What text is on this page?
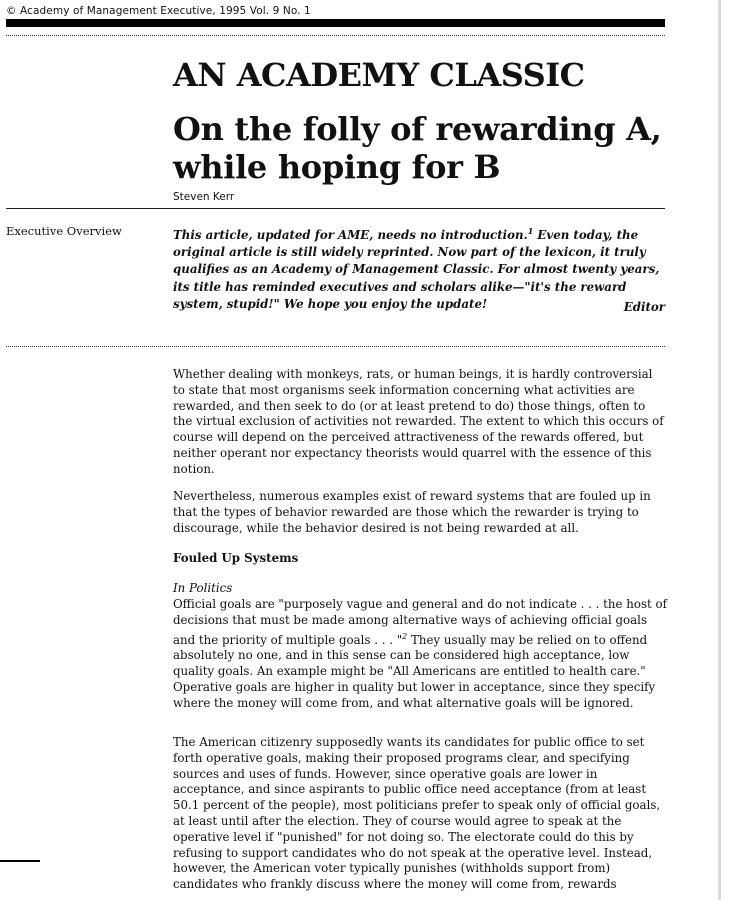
© Academy of Management Executive, 1995 Vol. 9 No. 1
AN ACADEMY CLASSIC
On the folly of rewarding A,
while hoping for B
Steven Kerr
Executive Overview	This article, updated for AME, needs no introduction.$^1$ Even today, the original article is still widely reprinted. Now part of the lexicon, it truly qualifies as an Academy of Management Classic. For almost twenty years, its title has reminded executives and scholars alike—"it's the reward system, stupid!" We hope you enjoy the update!	Editor
Whether dealing with monkeys, rats, or human beings, it is hardly controversial to state that most organisms seek information concerning what activities are rewarded, and then seek to do (or at least pretend to do) those things, often to the virtual exclusion of activities not rewarded. The extent to which this occurs of course will depend on the perceived attractiveness of the rewards offered, but neither operant nor expectancy theorists would quarrel with the essence of this notion.
Nevertheless, numerous examples exist of reward systems that are fouled up in that the types of behavior rewarded are those which the rewarder is trying to discourage, while the behavior desired is not being rewarded at all.
Fouled Up Systems
In Politics
Official goals are "purposely vague and general and do not indicate . . . the host of decisions that must be made among alternative ways of achieving official goals and the priority of multiple goals . . . "$^2$ They usually may be relied on to offend absolutely no one, and in this sense can be considered high acceptance, low quality goals. An example might be "All Americans are entitled to health care." Operative goals are higher in quality but lower in acceptance, since they specify where the money will come from, and what alternative goals will be ignored.
The American citizenry supposedly wants its candidates for public office to set forth operative goals, making their proposed programs clear, and specifying sources and uses of funds. However, since operative goals are lower in acceptance, and since aspirants to public office need acceptance (from at least 50.1 percent of the people), most politicians prefer to speak only of official goals, at least until after the election. They of course would agree to speak at the operative level if "punished" for not doing so. The electorate could do this by refusing to support candidates who do not speak at the operative level. Instead, however, the American voter typically punishes (withholds support from) candidates who frankly discuss where the money will come from, rewards
